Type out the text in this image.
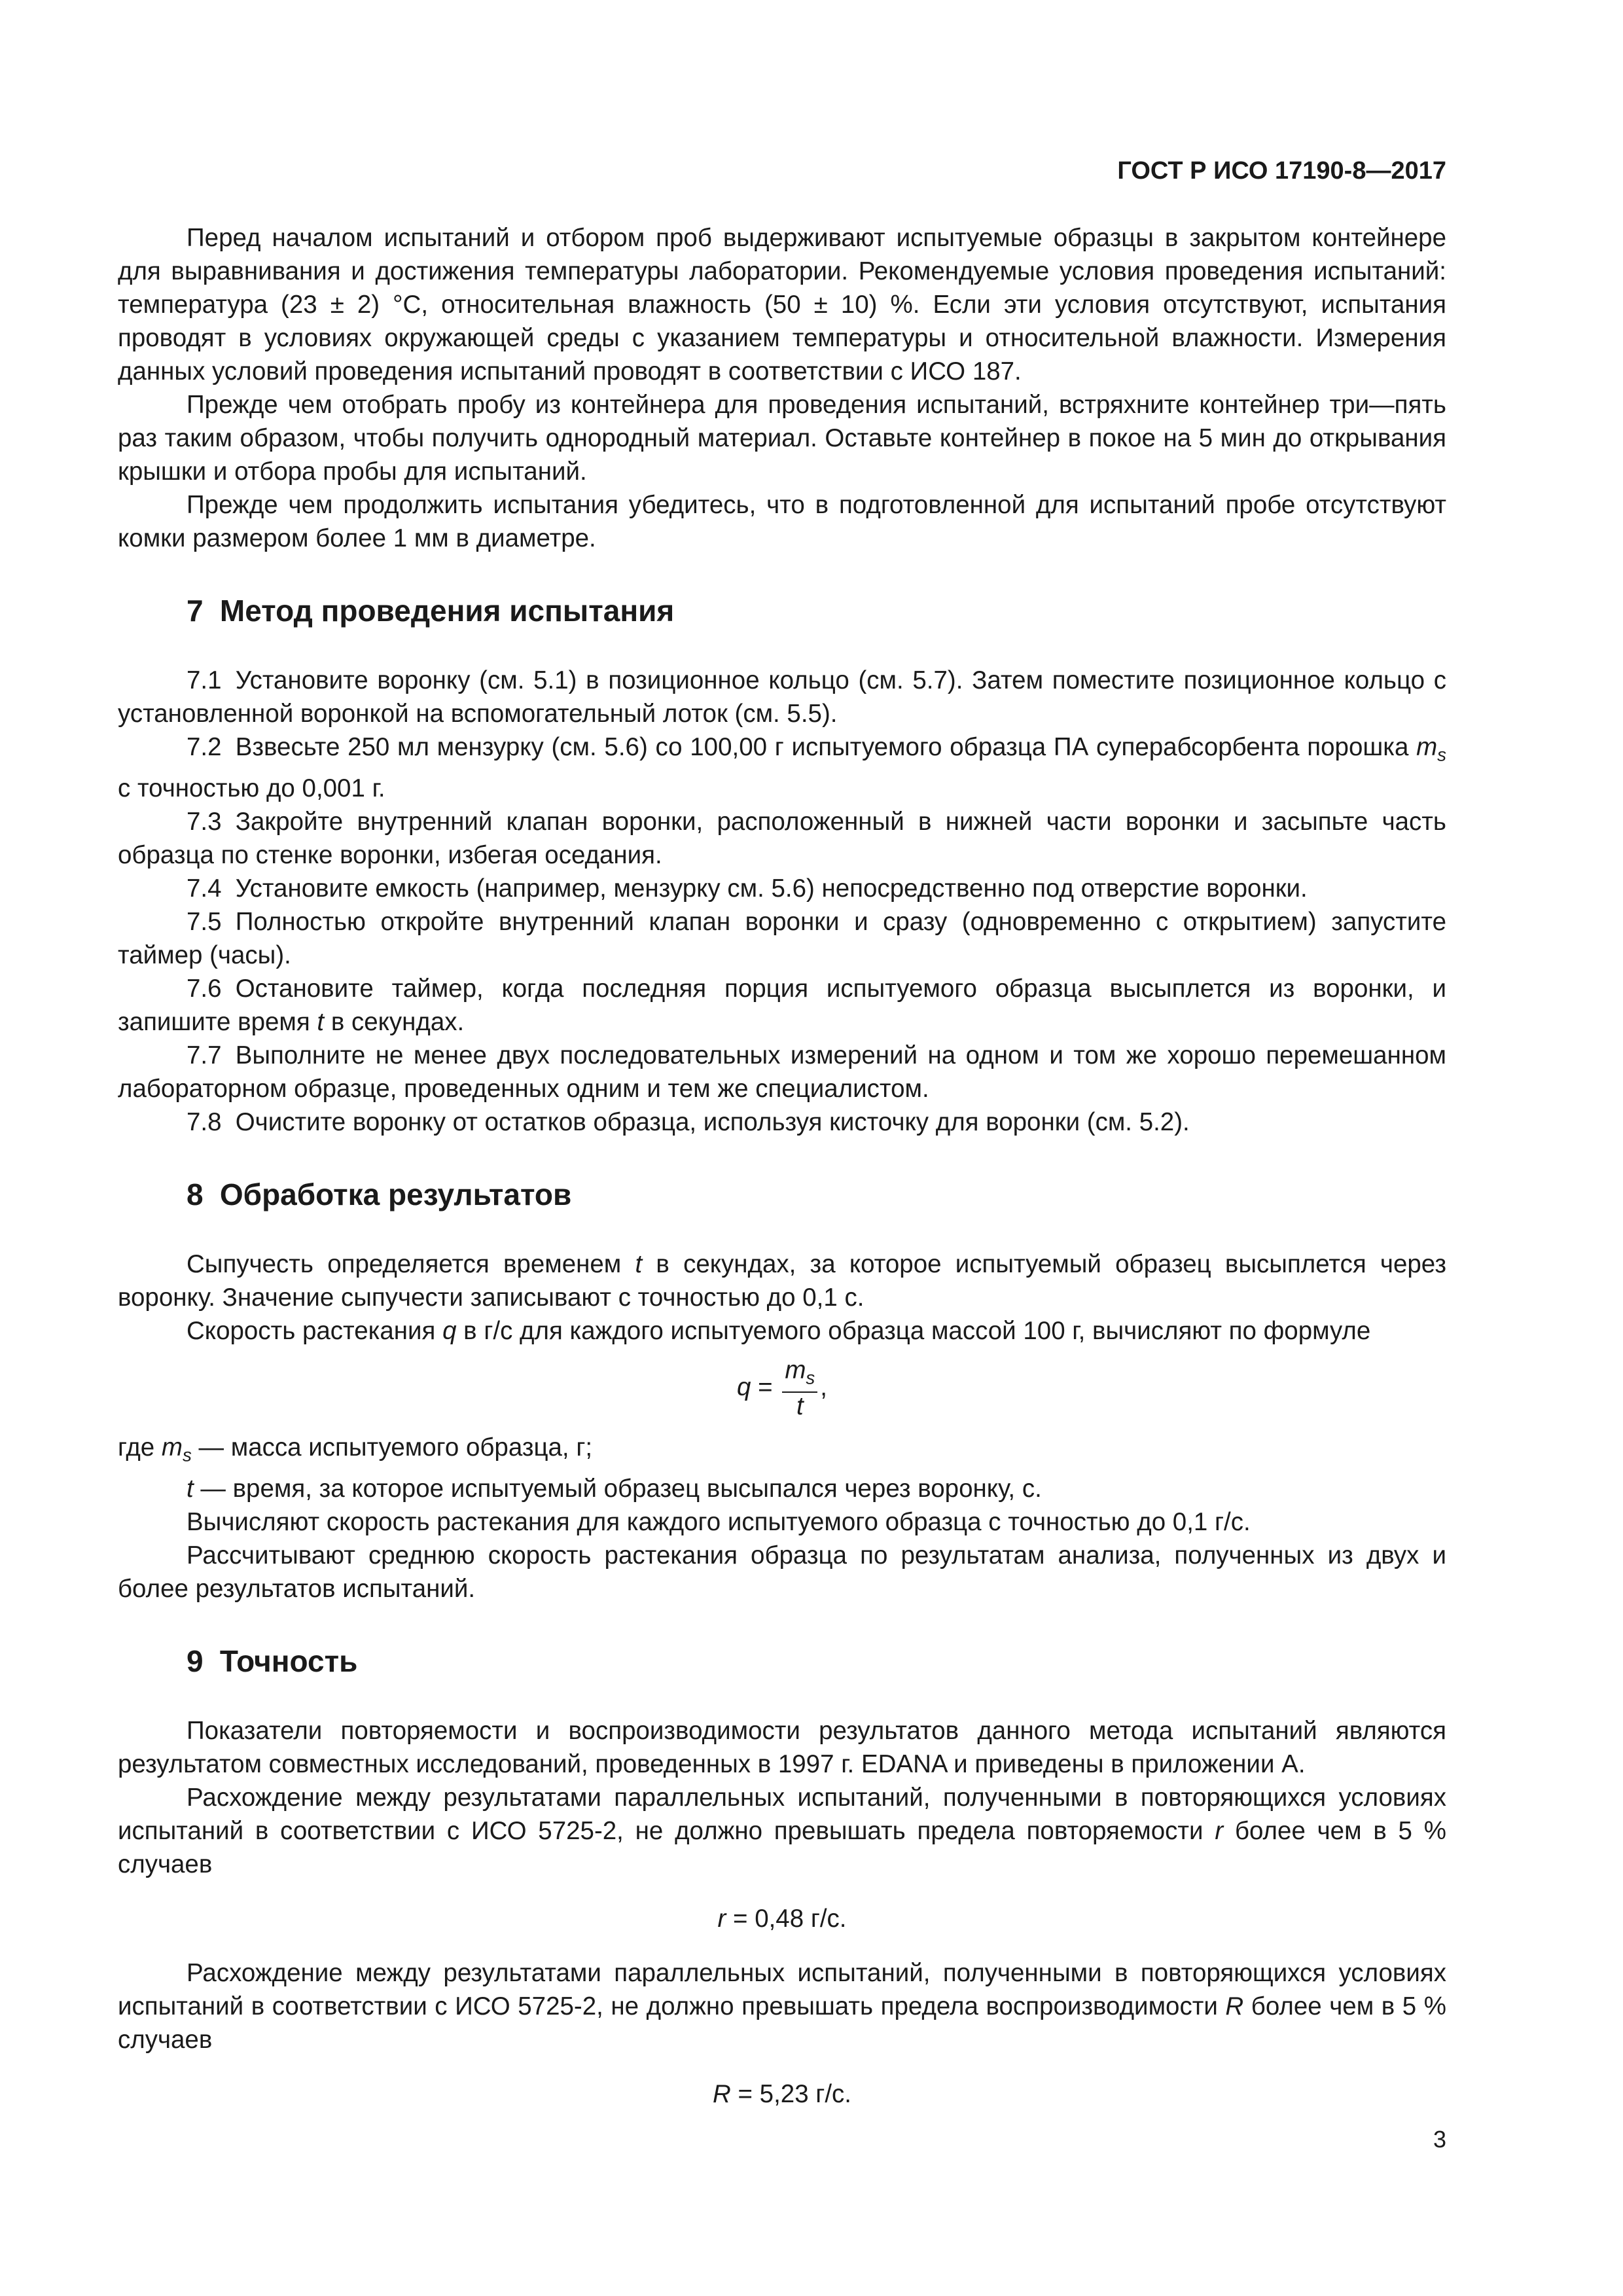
ГОСТ Р ИСО 17190-8—2017

Перед началом испытаний и отбором проб выдерживают испытуемые образцы в закрытом контейнере для выравнивания и достижения температуры лаборатории. Рекомендуемые условия проведения испытаний: температура (23 ± 2) °C, относительная влажность (50 ± 10) %. Если эти условия отсутствуют, испытания проводят в условиях окружающей среды с указанием температуры и относительной влажности. Измерения данных условий проведения испытаний проводят в соответствии с ИСО 187.

Прежде чем отобрать пробу из контейнера для проведения испытаний, встряхните контейнер три—пять раз таким образом, чтобы получить однородный материал. Оставьте контейнер в покое на 5 мин до открывания крышки и отбора пробы для испытаний.

Прежде чем продолжить испытания убедитесь, что в подготовленной для испытаний пробе отсутствуют комки размером более 1 мм в диаметре.

7 Метод проведения испытания

7.1 Установите воронку (см. 5.1) в позиционное кольцо (см. 5.7). Затем поместите позиционное кольцо с установленной воронкой на вспомогательный лоток (см. 5.5).

7.2 Взвесьте 250 мл мензурку (см. 5.6) со 100,00 г испытуемого образца ПА суперабсорбента порошка $m_s$ с точностью до 0,001 г.

7.3 Закройте внутренний клапан воронки, расположенный в нижней части воронки и засыпьте часть образца по стенке воронки, избегая оседания.

7.4 Установите емкость (например, мензурку см. 5.6) непосредственно под отверстие воронки.

7.5 Полностью откройте внутренний клапан воронки и сразу (одновременно с открытием) запустите таймер (часы).

7.6 Остановите таймер, когда последняя порция испытуемого образца высыплется из воронки, и запишите время t в секундах.

7.7 Выполните не менее двух последовательных измерений на одном и том же хорошо перемешанном лабораторном образце, проведенных одним и тем же специалистом.

7.8 Очистите воронку от остатков образца, используя кисточку для воронки (см. 5.2).

8 Обработка результатов

Сыпучесть определяется временем t в секундах, за которое испытуемый образец высыплется через воронку. Значение сыпучести записывают с точностью до 0,1 с.

Скорость растекания q в г/с для каждого испытуемого образца массой 100 г, вычисляют по формуле

$q = \frac{m_s}{t}$ ,

где $m_s$ — масса испытуемого образца, г;

t — время, за которое испытуемый образец высыпался через воронку, с.

Вычисляют скорость растекания для каждого испытуемого образца с точностью до 0,1 г/с.

Рассчитывают среднюю скорость растекания образца по результатам анализа, полученных из двух и более результатов испытаний.

9 Точность

Показатели повторяемости и воспроизводимости результатов данного метода испытаний являются результатом совместных исследований, проведенных в 1997 г. EDANA и приведены в приложении А.

Расхождение между результатами параллельных испытаний, полученными в повторяющихся условиях испытаний в соответствии с ИСО 5725-2, не должно превышать предела повторяемости r более чем в 5 % случаев

r = 0,48 г/с.

Расхождение между результатами параллельных испытаний, полученными в повторяющихся условиях испытаний в соответствии с ИСО 5725-2, не должно превышать предела воспроизводимости R более чем в 5 % случаев

R = 5,23 г/с.
3
